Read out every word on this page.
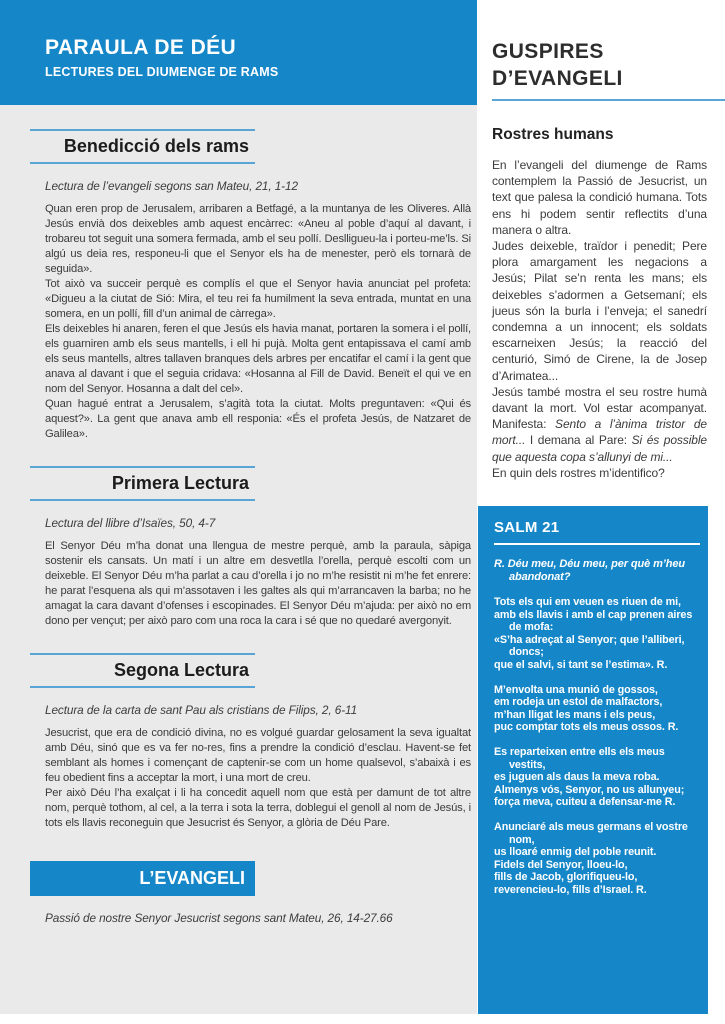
PARAULA DE DÉU
LECTURES DEL DIUMENGE DE RAMS
GUSPIRES
D’EVANGELI
Benedicció dels rams

Lectura de l’evangeli segons san Mateu, 21, 1-12

Quan eren prop de Jerusalem, arribaren a Betfagé, a la muntanya de les Oliveres. Allà Jesús envià dos deixebles amb aquest encàrrec: «Aneu al poble d’aquí al davant, i trobareu tot seguit una somera fermada, amb el seu pollí. Deslligueu-la i porteu-me’ls. Si algú us deia res, responeu-li que el Senyor els ha de menester, però els tornarà de seguida».

Tot això va succeir perquè es complís el que el Senyor havia anunciat pel profeta: «Digueu a la ciutat de Sió: Mira, el teu rei fa humilment la seva entrada, muntat en una somera, en un pollí, fill d’un animal de càrrega».

Els deixebles hi anaren, feren el que Jesús els havia manat, portaren la somera i el pollí, els guarniren amb els seus mantells, i ell hi pujà. Molta gent entapissava el camí amb els seus mantells, altres tallaven branques dels arbres per encatifar el camí i la gent que anava al davant i que el seguia cridava: «Hosanna al Fill de David. Beneït el qui ve en nom del Senyor. Hosanna a dalt del cel».

Quan hagué entrat a Jerusalem, s’agità tota la ciutat. Molts preguntaven: «Qui és aquest?». La gent que anava amb ell responia: «És el profeta Jesús, de Natzaret de Galilea».

Primera Lectura

Lectura del llibre d’Isaïes, 50, 4-7

El Senyor Déu m’ha donat una llengua de mestre perquè, amb la paraula, sàpiga sostenir els cansats. Un matí i un altre em desvetlla l’orella, perquè escolti com un deixeble. El Senyor Déu m’ha parlat a cau d’orella i jo no m’he resistit ni m’he fet enrere: he parat l’esquena als qui m’assotaven i les galtes als qui m’arrancaven la barba; no he amagat la cara davant d’ofenses i escopinades. El Senyor Déu m’ajuda: per això no em dono per vençut; per això paro com una roca la cara i sé que no quedaré avergonyit.

Segona Lectura

Lectura de la carta de sant Pau als cristians de Filips, 2, 6-11

Jesucrist, que era de condició divina, no es volgué guardar gelosament la seva igualtat amb Déu, sinó que es va fer no-res, fins a prendre la condició d’esclau. Havent-se fet semblant als homes i començant de captenir-se com un home qualsevol, s’abaixà i es feu obedient fins a acceptar la mort, i una mort de creu.

Per això Déu l’ha exalçat i li ha concedit aquell nom que està per damunt de tot altre nom, perquè tothom, al cel, a la terra i sota la terra, doblegui el genoll al nom de Jesús, i tots els llavis reconeguin que Jesucrist és Senyor, a glòria de Déu Pare.

L’EVANGELI

Passió de nostre Senyor Jesucrist segons sant Mateu, 26, 14-27.66

Rostres humans

En l’evangeli del diumenge de Rams contemplem la Passió de Jesucrist, un text que palesa la condició humana. Tots ens hi podem sentir reflectits d’una manera o altra.

Judes deixeble, traïdor i penedit; Pere plora amargament les negacions a Jesús; Pilat se’n renta les mans; els deixebles s’adormen a Getsemaní; els jueus són la burla i l’enveja; el sanedrí condemna a un innocent; els soldats escarneixen Jesús; la reacció del centurió, Simó de Cirene, la de Josep d’Arimatea...

Jesús també mostra el seu rostre humà davant la mort. Vol estar acompanyat. Manifesta: Sento a l’ànima tristor de mort... I demana al Pare: Si és possible que aquesta copa s’allunyi de mi...

En quin dels rostres m’identifico?

SALM 21
R. Déu meu, Déu meu, per què m’heu abandonat?
Tots els qui em veuen es riuen de mi,
amb els llavis i amb el cap prenen aires de mofa:
«S’ha adreçat al Senyor; que l’alliberi, doncs;
que el salvi, si tant se l’estima». R.
M’envolta una munió de gossos,
em rodeja un estol de malfactors,
m’han lligat les mans i els peus,
puc comptar tots els meus ossos. R.
Es reparteixen entre ells els meus vestits,
es juguen als daus la meva roba.
Almenys vós, Senyor, no us allunyeu;
força meva, cuiteu a defensar-me R.
Anunciaré als meus germans el vostre nom,
us lloaré enmig del poble reunit.
Fidels del Senyor, lloeu-lo,
fills de Jacob, glorifiqueu-lo,
reverencieu-lo, fills d’Israel. R.
